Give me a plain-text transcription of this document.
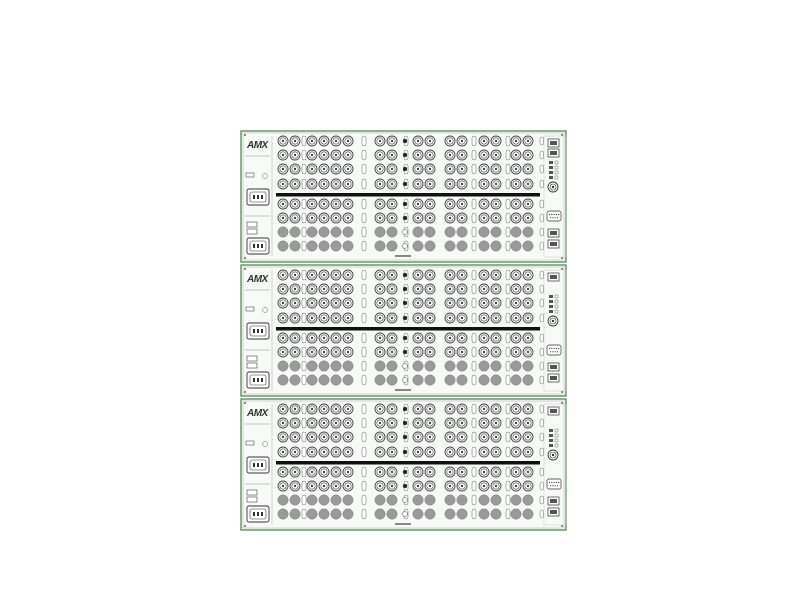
AMX
AMX
AMX
